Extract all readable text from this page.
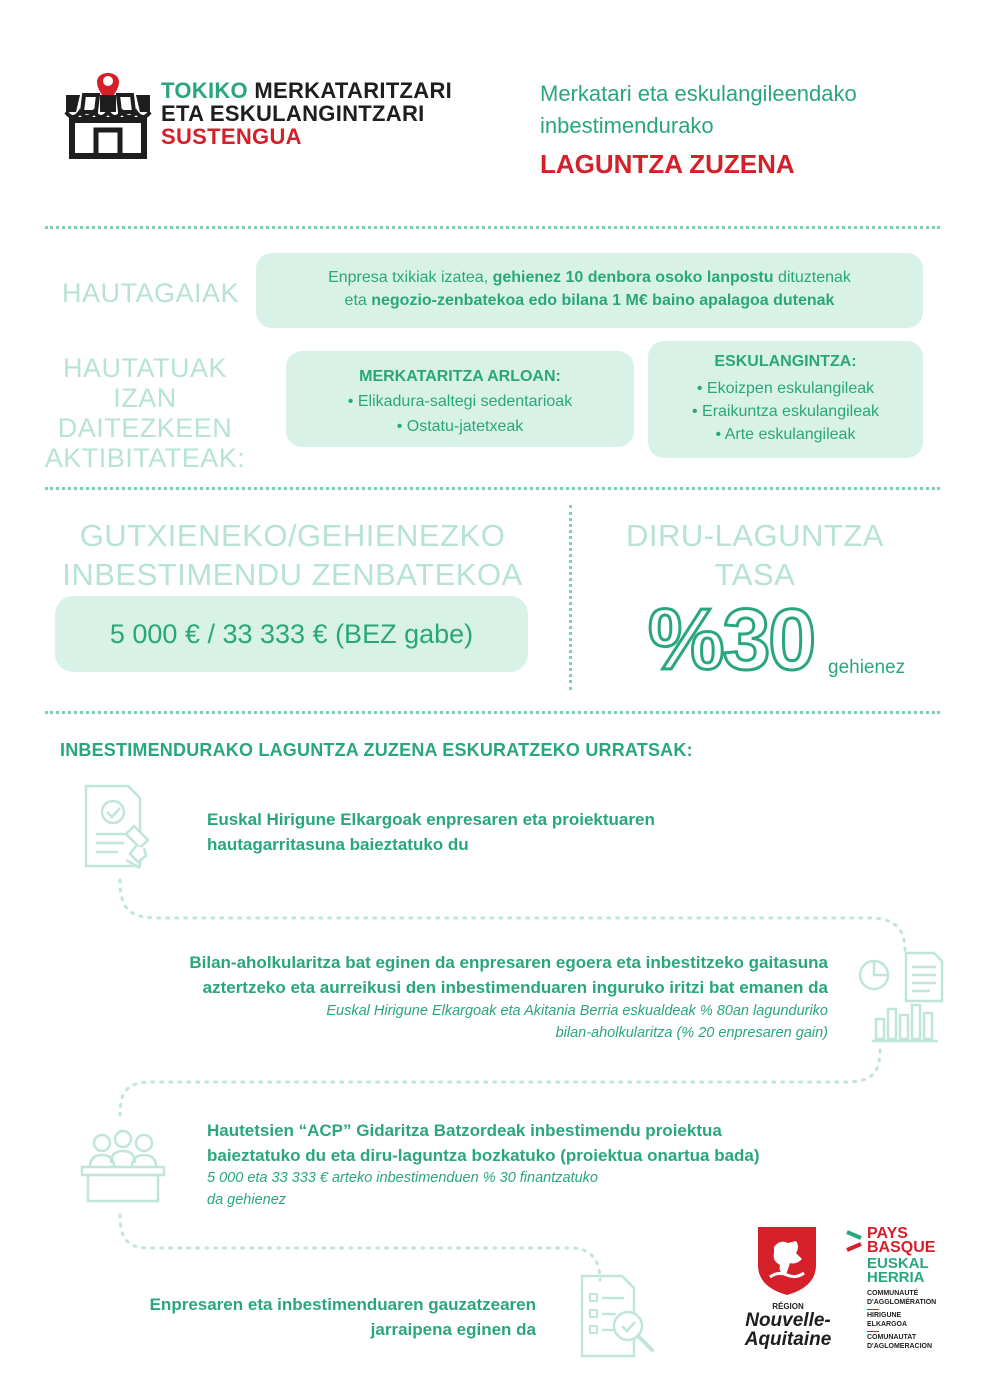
TOKIKO MERKATARITZARI
ETA ESKULANGINTZARI
SUSTENGUA
Merkatari eta eskulangileendako
inbestimendurako
LAGUNTZA ZUZENA
HAUTAGAIAK
Enpresa txikiak izatea, gehienez 10 denbora osoko lanpostu dituztenak
eta negozio-zenbatekoa edo bilana 1 M€ baino apalagoa dutenak
HAUTATUAK IZAN
DAITEZKEEN
AKTIBITATEAK:
MERKATARITZA ARLOAN:
• Elikadura-saltegi sedentarioak
• Ostatu-jatetxeak
ESKULANGINTZA:
• Ekoizpen eskulangileak
• Eraikuntza eskulangileak
• Arte eskulangileak
GUTXIENEKO/GEHIENEZKO
INBESTIMENDU ZENBATEKOA
5 000 € / 33 333 € (BEZ gabe)
DIRU-LAGUNTZA
TASA
%30 gehienez
INBESTIMENDURAKO LAGUNTZA ZUZENA ESKURATZEKO URRATSAK:
Euskal Hirigune Elkargoak enpresaren eta proiektuaren
hautagarritasuna baieztatuko du
Bilan-aholkularitza bat eginen da enpresaren egoera eta inbestitzeko gaitasuna
aztertzeko eta aurreikusi den inbestimenduaren inguruko iritzi bat emanen da
Euskal Hirigune Elkargoak eta Akitania Berria eskualdeak % 80an lagunduriko
bilan-aholkularitza (% 20 enpresaren gain)
Hautetsien “ACP” Gidaritza Batzordeak inbestimendu proiektua
baieztatuko du eta diru-laguntza bozkatuko (proiektua onartua bada)
5 000 eta 33 333 € arteko inbestimenduen % 30 finantzatuko
da gehienez
Enpresaren eta inbestimenduaren gauzatzearen
jarraipena eginen da
RÉGION
Nouvelle-
Aquitaine
PAYS
BASQUE
EUSKAL
HERRIA
COMMUNAUTÉ
D'AGGLOMÉRATION
HIRIGUNE
ELKARGOA
COMUNAUTAT
D'AGLOMERACION
